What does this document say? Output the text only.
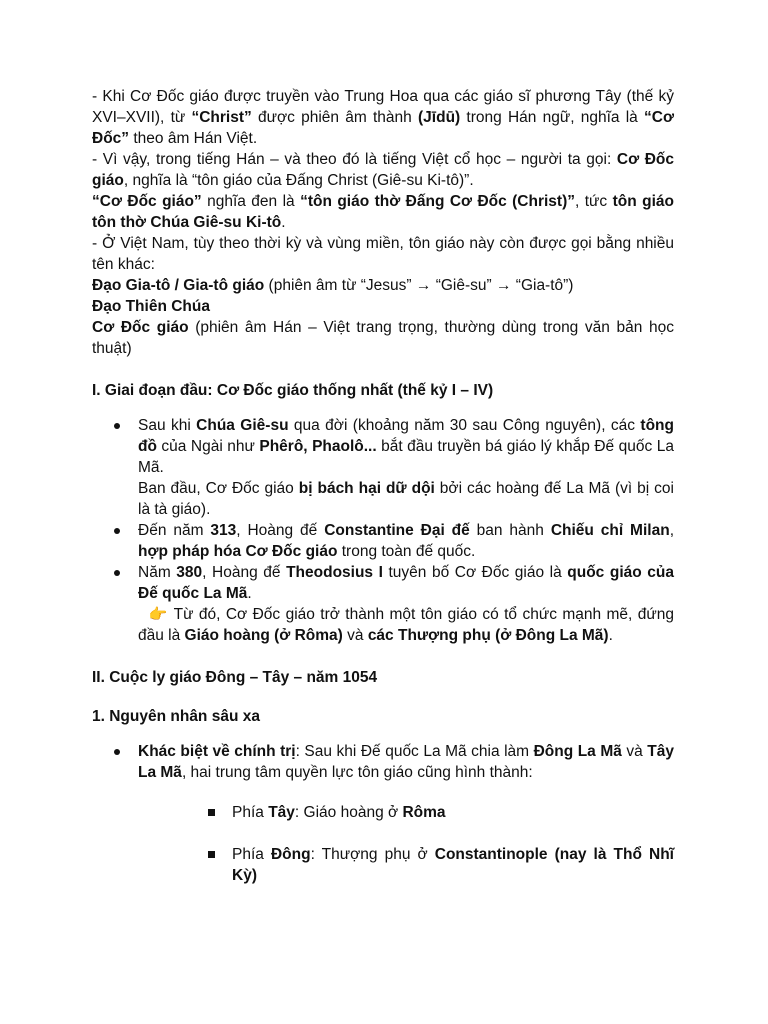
- Khi Cơ Đốc giáo được truyền vào Trung Hoa qua các giáo sĩ phương Tây (thế kỷ XVI–XVII), từ “Christ” được phiên âm thành (Jīdū) trong Hán ngữ, nghĩa là “Cơ Đốc” theo âm Hán Việt.

- Vì vậy, trong tiếng Hán – và theo đó là tiếng Việt cổ học – người ta gọi: Cơ Đốc giáo, nghĩa là “tôn giáo của Đấng Christ (Giê-su Ki-tô)”.

“Cơ Đốc giáo” nghĩa đen là “tôn giáo thờ Đấng Cơ Đốc (Christ)”, tức tôn giáo tôn thờ Chúa Giê-su Ki-tô.

- Ở Việt Nam, tùy theo thời kỳ và vùng miền, tôn giáo này còn được gọi bằng nhiều tên khác:

Đạo Gia-tô / Gia-tô giáo (phiên âm từ “Jesus” → “Giê-su” → “Gia-tô”)

Đạo Thiên Chúa

Cơ Đốc giáo (phiên âm Hán – Việt trang trọng, thường dùng trong văn bản học thuật)

I. Giai đoạn đầu: Cơ Đốc giáo thống nhất (thế kỷ I – IV)

Sau khi Chúa Giê-su qua đời (khoảng năm 30 sau Công nguyên), các tông đồ của Ngài như Phêrô, Phaolô... bắt đầu truyền bá giáo lý khắp Đế quốc La Mã.

Ban đầu, Cơ Đốc giáo bị bách hại dữ dội bởi các hoàng đế La Mã (vì bị coi là tà giáo).

Đến năm 313, Hoàng đế Constantine Đại đế ban hành Chiếu chỉ Milan, hợp pháp hóa Cơ Đốc giáo trong toàn đế quốc.

Năm 380, Hoàng đế Theodosius I tuyên bố Cơ Đốc giáo là quốc giáo của Đế quốc La Mã.

👉 Từ đó, Cơ Đốc giáo trở thành một tôn giáo có tổ chức mạnh mẽ, đứng đầu là Giáo hoàng (ở Rôma) và các Thượng phụ (ở Đông La Mã).

II. Cuộc ly giáo Đông – Tây – năm 1054
1. Nguyên nhân sâu xa

Khác biệt về chính trị: Sau khi Đế quốc La Mã chia làm Đông La Mã và Tây La Mã, hai trung tâm quyền lực tôn giáo cũng hình thành:

Phía Tây: Giáo hoàng ở Rôma

Phía Đông: Thượng phụ ở Constantinople (nay là Thổ Nhĩ Kỳ)
